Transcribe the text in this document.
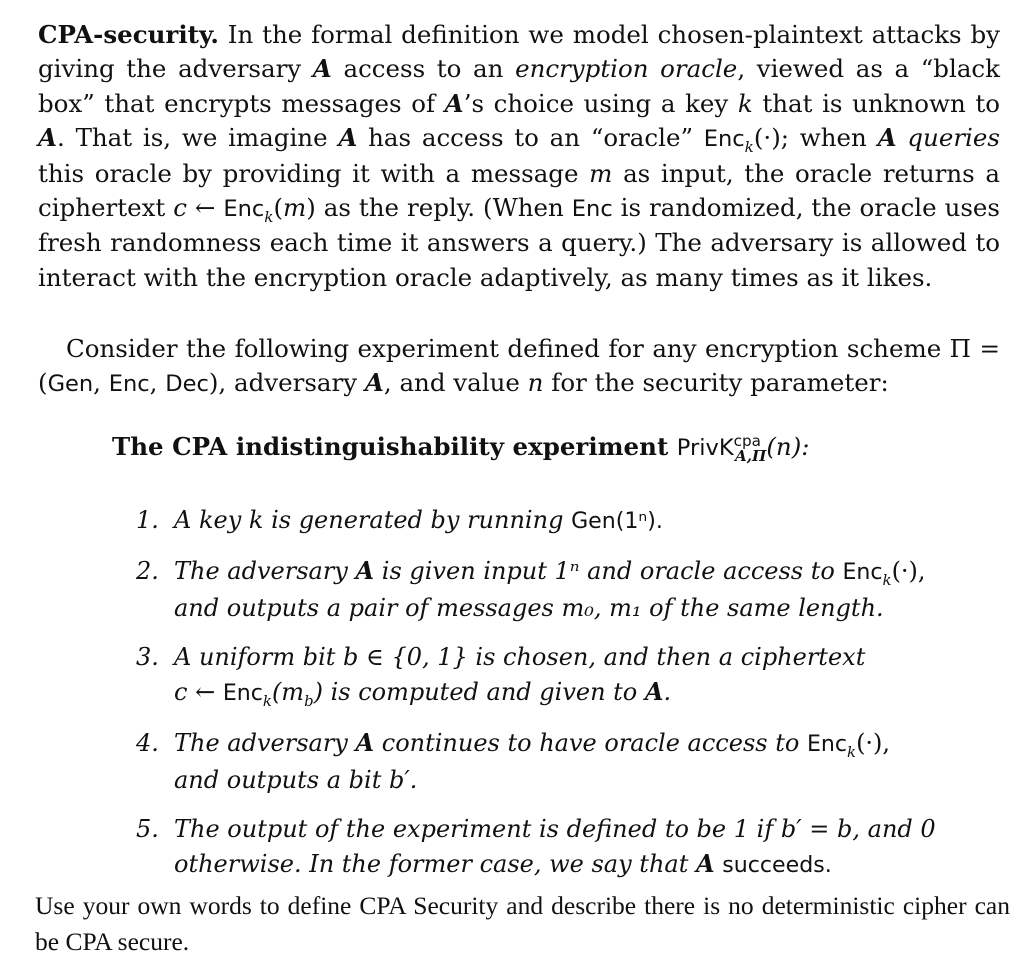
CPA-security. In the formal definition we model chosen-plaintext attacks by giving the adversary A access to an encryption oracle, viewed as a “black box” that encrypts messages of A’s choice using a key k that is unknown to A. That is, we imagine A has access to an “oracle” Enc$_k$(·); when A queries this oracle by providing it with a message m as input, the oracle returns a ciphertext c ← Enc$_k$(m) as the reply. (When Enc is randomized, the oracle uses fresh randomness each time it answers a query.) The adversary is allowed to interact with the encryption oracle adaptively, as many times as it likes.
Consider the following experiment defined for any encryption scheme Π = (Gen, Enc, Dec), adversary A, and value n for the security parameter:
The CPA indistinguishability experiment PrivK$^{cpa}_{A,\Pi}$(n):

1. A key k is generated by running Gen(1ⁿ).

2. The adversary A is given input 1ⁿ and oracle access to Enc$_k$(·),
and outputs a pair of messages m₀, m₁ of the same length.

3. A uniform bit b ∈ {0, 1} is chosen, and then a ciphertext
c ← $Enc_k(m_b)$ is computed and given to A.

4. The adversary A continues to have oracle access to Enc$_k$(·),
and outputs a bit b′.

5. The output of the experiment is defined to be 1 if b′ = b, and 0 otherwise. In the former case, we say that A succeeds.

Use your own words to define CPA Security and describe there is no deterministic cipher can be CPA secure.
